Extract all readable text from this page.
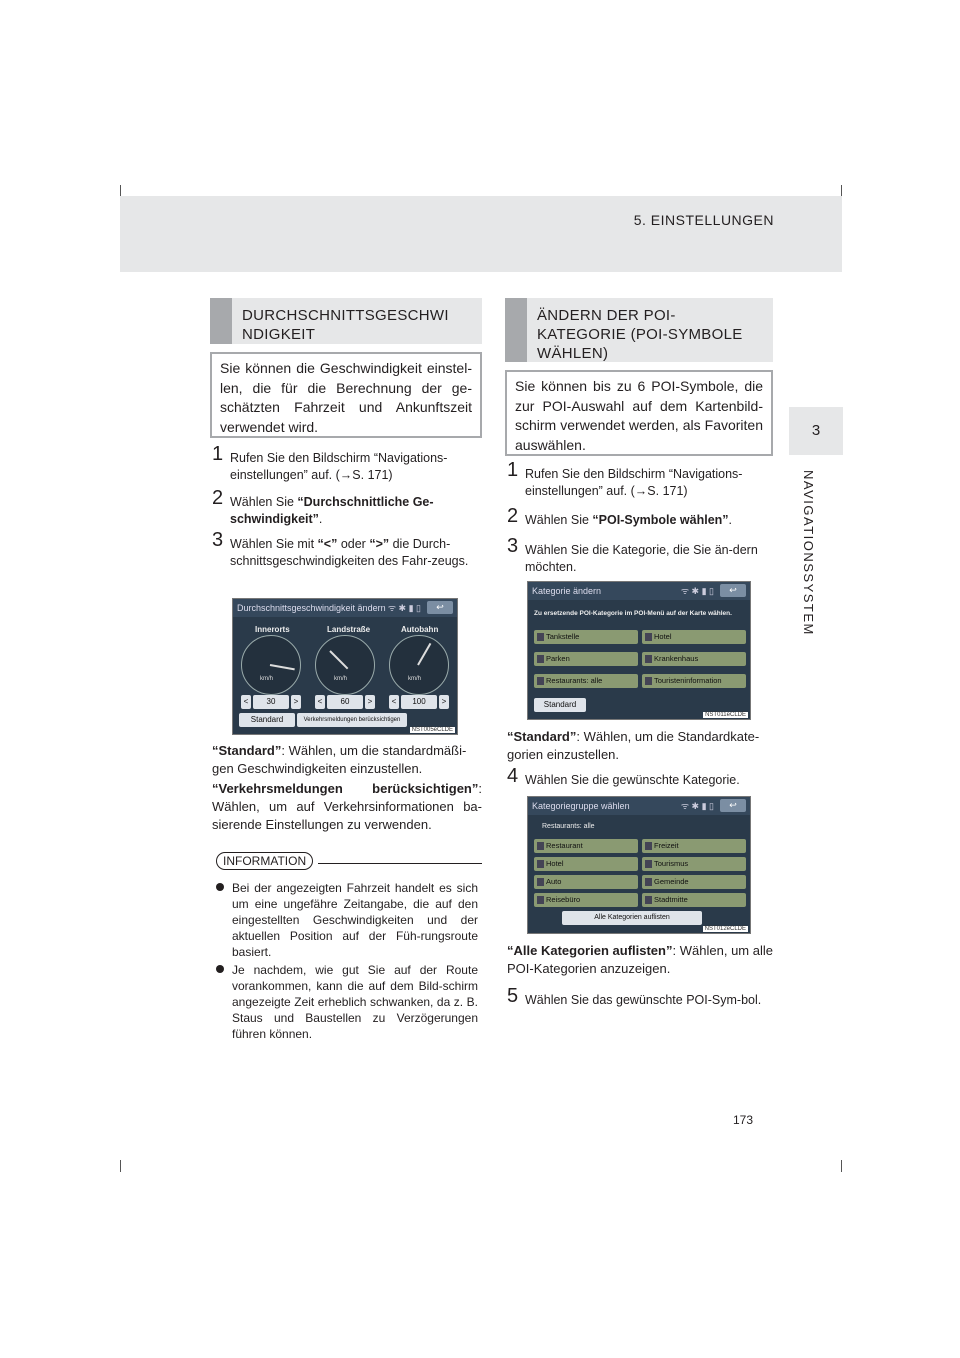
5. EINSTELLUNGEN
3
NAVIGATIONSSYSTEM
DURCHSCHNITTSGESCHWI NDIGKEIT
Sie können die Geschwindigkeit einstel-len, die für die Berechnung der ge-schätzten Fahrzeit und Ankunftszeit verwendet wird.
1 Rufen Sie den Bildschirm “Navigations-einstellungen” auf. (→S. 171)
2 Wählen Sie “Durchschnittliche Ge-schwindigkeit”.
3 Wählen Sie mit “<” oder “>” die Durch-schnittsgeschwindigkeiten des Fahr-zeugs.
Durchschnittsgeschwindigkeit ändern ᯤ ✱ ▮ ▯	↩
Innerorts	Landstraße	Autobahn
km/h	km/h	km/h
<	30	>	<	60	>	<	100	>
Standard	Verkehrsmeldungen berücksichtigen
NST005eCLDE
“Standard”: Wählen, um die standardmäßi-gen Geschwindigkeiten einzustellen.
“Verkehrsmeldungen berücksichtigen”: Wählen, um auf Verkehrsinformationen ba-sierende Einstellungen zu verwenden.
INFORMATION
Bei der angezeigten Fahrzeit handelt es sich um eine ungefähre Zeitangabe, die auf den eingestellten Geschwindigkeiten und der aktuellen Position auf der Füh-rungsroute basiert.
Je nachdem, wie gut Sie auf der Route vorankommen, kann die auf dem Bild-schirm angezeigte Zeit erheblich schwanken, da z. B. Staus und Baustellen zu Verzögerungen führen können.
ÄNDERN DER POI-KATEGORIE (POI-SYMBOLE WÄHLEN)
Sie können bis zu 6 POI-Symbole, die zur POI-Auswahl auf dem Kartenbild-schirm verwendet werden, als Favoriten auswählen.
1 Rufen Sie den Bildschirm “Navigations-einstellungen” auf. (→S. 171)
2 Wählen Sie “POI-Symbole wählen”.
3 Wählen Sie die Kategorie, die Sie än-dern möchten.
Kategorie ändern	ᯤ ✱ ▮ ▯	↩
Zu ersetzende POI-Kategorie im POI-Menü auf der Karte wählen.
Tankstelle	Hotel
Parken	Krankenhaus
Restaurants: alle	Touristeninformation
Standard
NST011eCLDE
“Standard”: Wählen, um die Standardkate-gorien einzustellen.
4 Wählen Sie die gewünschte Kategorie.
Kategoriegruppe wählen	ᯤ ✱ ▮ ▯	↩
Restaurants: alle
Restaurant	Freizeit
Hotel	Tourismus
Auto	Gemeinde
Reisebüro	Stadtmitte
Alle Kategorien auflisten
NST012eCLDE
“Alle Kategorien auflisten”: Wählen, um alle POI-Kategorien anzuzeigen.
5 Wählen Sie das gewünschte POI-Sym-bol.
173
